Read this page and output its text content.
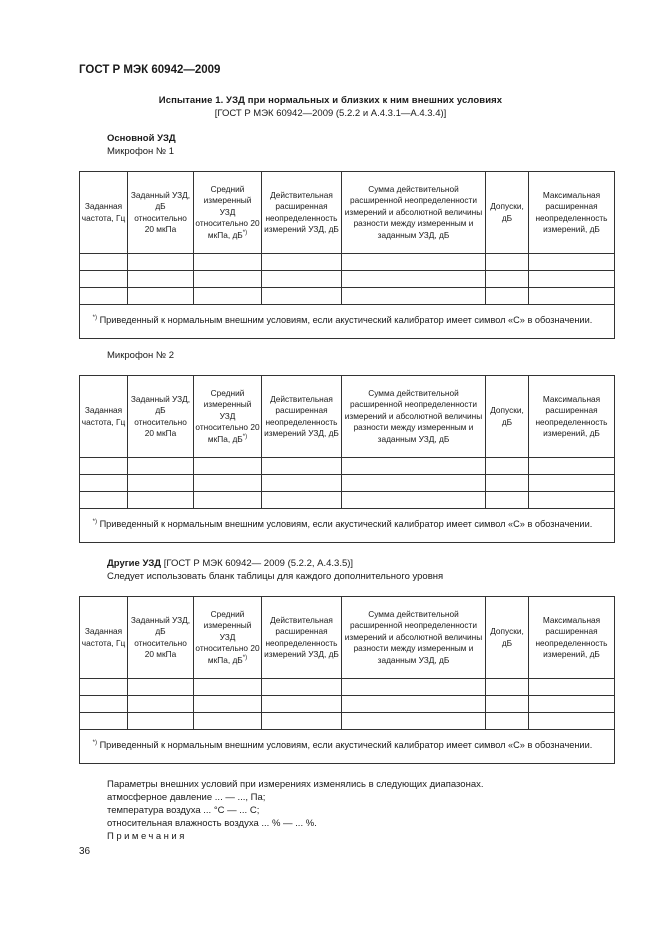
ГОСТ Р МЭК 60942—2009
Испытание 1. УЗД при нормальных и близких к ним внешних условиях
[ГОСТ Р МЭК 60942—2009 (5.2.2 и А.4.3.1—А.4.3.4)]
Основной УЗД
Микрофон № 1
Заданная частота, Гц	Заданный УЗД, дБ относительно 20 мкПа	Средний измеренный УЗД относительно 20 мкПа, дБ*)	Действительная расширенная неопределенность измерений УЗД, дБ	Сумма действительной расширенной неопределенности измерений и абсолютной величины разности между измеренным и заданным УЗД, дБ	Допуски, дБ	Максимальная расширенная неопределенность измерений, дБ

*) Приведенный к нормальным внешним условиям, если акустический калибратор имеет символ «С» в обозначении.						
Микрофон № 2
Заданная частота, Гц	Заданный УЗД, дБ относительно 20 мкПа	Средний измеренный УЗД относительно 20 мкПа, дБ*)	Действительная расширенная неопределенность измерений УЗД, дБ	Сумма действительной расширенной неопределенности измерений и абсолютной величины разности между измеренным и заданным УЗД, дБ	Допуски, дБ	Максимальная расширенная неопределенность измерений, дБ

*) Приведенный к нормальным внешним условиям, если акустический калибратор имеет символ «С» в обозначении.						
Другие УЗД [ГОСТ Р МЭК 60942— 2009 (5.2.2, А.4.3.5)]
Следует использовать бланк таблицы для каждого дополнительного уровня
Заданная частота, Гц	Заданный УЗД, дБ относительно 20 мкПа	Средний измеренный УЗД относительно 20 мкПа, дБ*)	Действительная расширенная неопределенность измерений УЗД, дБ	Сумма действительной расширенной неопределенности измерений и абсолютной величины разности между измеренным и заданным УЗД, дБ	Допуски, дБ	Максимальная расширенная неопределенность измерений, дБ

*) Приведенный к нормальным внешним условиям, если акустический калибратор имеет символ «С» в обозначении.						
Параметры внешних условий при измерениях изменялись в следующих диапазонах.
атмосферное давление ... — ..., Па;
температура воздуха ... °С — ... С;
относительная влажность воздуха ... % — ... %.
Примечания
36
